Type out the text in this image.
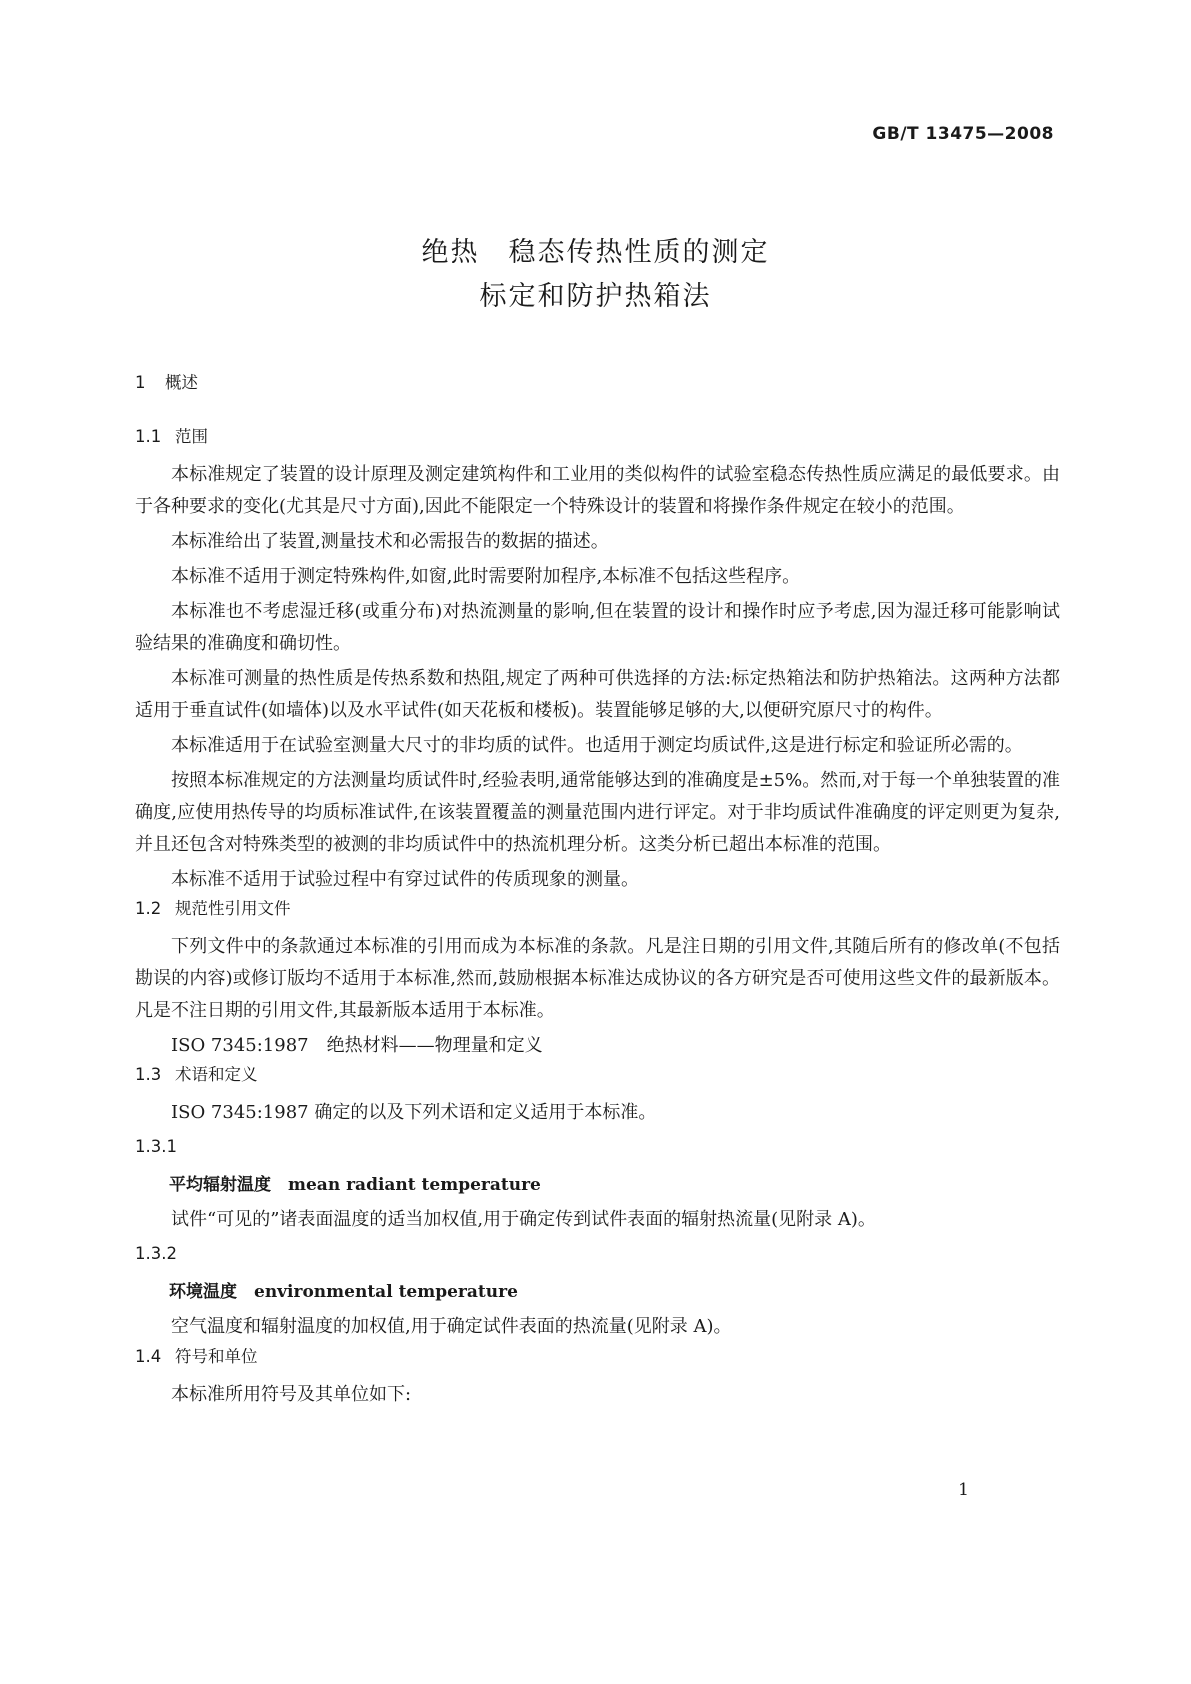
GB/T 13475—2008
绝热　稳态传热性质的测定
标定和防护热箱法
1 概述
1.1 范围

本标准规定了装置的设计原理及测定建筑构件和工业用的类似构件的试验室稳态传热性质应满足的最低要求。由于各种要求的变化(尤其是尺寸方面),因此不能限定一个特殊设计的装置和将操作条件规定在较小的范围。

本标准给出了装置,测量技术和必需报告的数据的描述。

本标准不适用于测定特殊构件,如窗,此时需要附加程序,本标准不包括这些程序。

本标准也不考虑湿迁移(或重分布)对热流测量的影响,但在装置的设计和操作时应予考虑,因为湿迁移可能影响试验结果的准确度和确切性。

本标准可测量的热性质是传热系数和热阻,规定了两种可供选择的方法:标定热箱法和防护热箱法。这两种方法都适用于垂直试件(如墙体)以及水平试件(如天花板和楼板)。装置能够足够的大,以便研究原尺寸的构件。

本标准适用于在试验室测量大尺寸的非均质的试件。也适用于测定均质试件,这是进行标定和验证所必需的。

按照本标准规定的方法测量均质试件时,经验表明,通常能够达到的准确度是±5%。然而,对于每一个单独装置的准确度,应使用热传导的均质标准试件,在该装置覆盖的测量范围内进行评定。对于非均质试件准确度的评定则更为复杂,并且还包含对特殊类型的被测的非均质试件中的热流机理分析。这类分析已超出本标准的范围。

本标准不适用于试验过程中有穿过试件的传质现象的测量。

1.2 规范性引用文件

下列文件中的条款通过本标准的引用而成为本标准的条款。凡是注日期的引用文件,其随后所有的修改单(不包括勘误的内容)或修订版均不适用于本标准,然而,鼓励根据本标准达成协议的各方研究是否可使用这些文件的最新版本。凡是不注日期的引用文件,其最新版本适用于本标准。

ISO 7345:1987　绝热材料——物理量和定义

1.3 术语和定义

ISO 7345:1987 确定的以及下列术语和定义适用于本标准。

1.3.1

平均辐射温度　mean radiant temperature

试件“可见的”诸表面温度的适当加权值,用于确定传到试件表面的辐射热流量(见附录 A)。

1.3.2

环境温度　environmental temperature

空气温度和辐射温度的加权值,用于确定试件表面的热流量(见附录 A)。

1.4 符号和单位

本标准所用符号及其单位如下:

1
